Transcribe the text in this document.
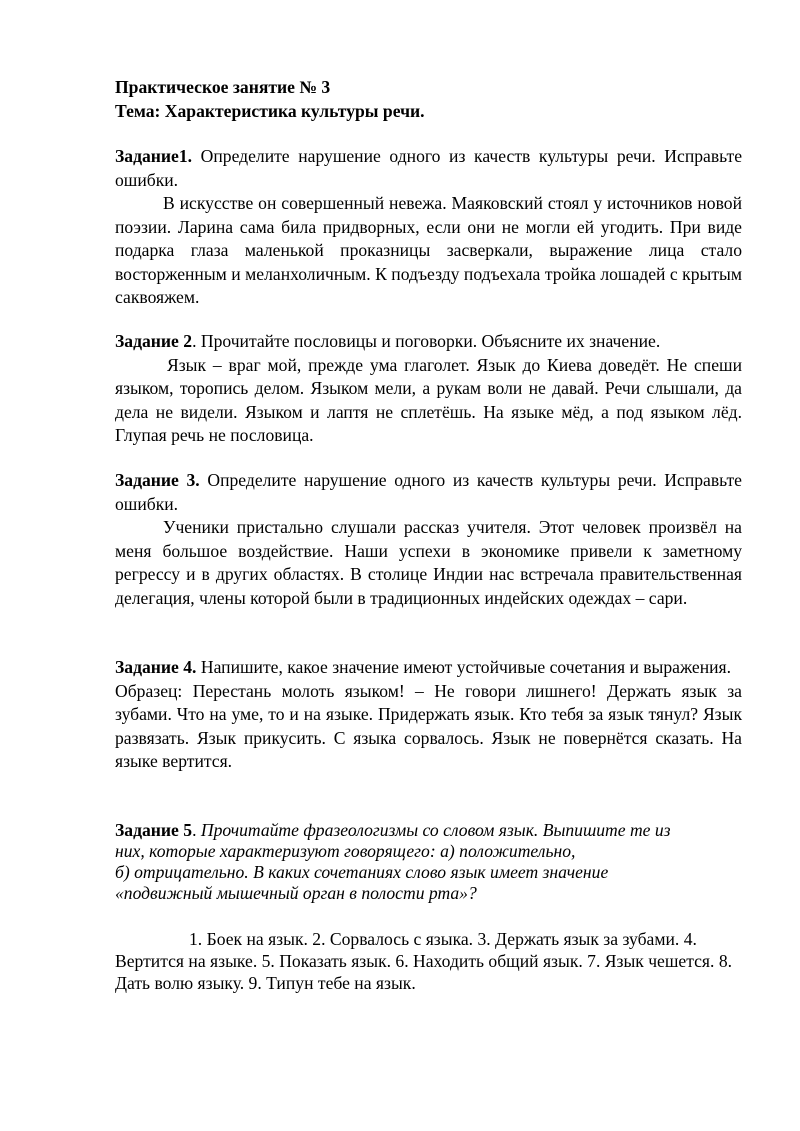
Практическое занятие № 3

Тема: Характеристика культуры речи.

Задание1. Определите нарушение одного из качеств культуры речи. Исправьте ошибки.

В искусстве он совершенный невежа. Маяковский стоял у источников новой поэзии. Ларина сама била придворных, если они не могли ей угодить. При виде подарка глаза маленькой проказницы засверкали, выражение лица стало восторженным и меланхоличным. К подъезду подъехала тройка лошадей с крытым саквояжем.

Задание 2. Прочитайте пословицы и поговорки. Объясните их значение.

Язык – враг мой, прежде ума глаголет. Язык до Киева доведёт. Не спеши языком, торопись делом. Языком мели, а рукам воли не давай. Речи слышали, да дела не видели. Языком и лаптя не сплетёшь. На языке мёд, а под языком лёд. Глупая речь не пословица.

Задание 3. Определите нарушение одного из качеств культуры речи. Исправьте ошибки.

Ученики пристально слушали рассказ учителя. Этот человек произвёл на меня большое воздействие. Наши успехи в экономике привели к заметному регрессу и в других областях. В столице Индии нас встречала правительственная делегация, члены которой были в традиционных индейских одеждах – сари.

Задание 4. Напишите, какое значение имеют устойчивые сочетания и выражения.

Образец: Перестань молоть языком! – Не говори лишнего! Держать язык за зубами. Что на уме, то и на языке. Придержать язык. Кто тебя за язык тянул? Язык развязать. Язык прикусить. С языка сорвалось. Язык не повернётся сказать. На языке вертится.

Задание 5. Прочитайте фразеологизмы со словом язык. Выпишите те из

них, которые характеризуют говорящего: а) положительно,

б) отрицательно. В каких сочетаниях слово язык имеет значение

«подвижный мышечный орган в полости рта»?

1. Боек на язык. 2. Сорвалось с языка. 3. Держать язык за зубами. 4. Вертится на языке. 5. Показать язык. 6. Находить общий язык. 7. Язык чешется. 8. Дать волю языку. 9. Типун тебе на язык.
